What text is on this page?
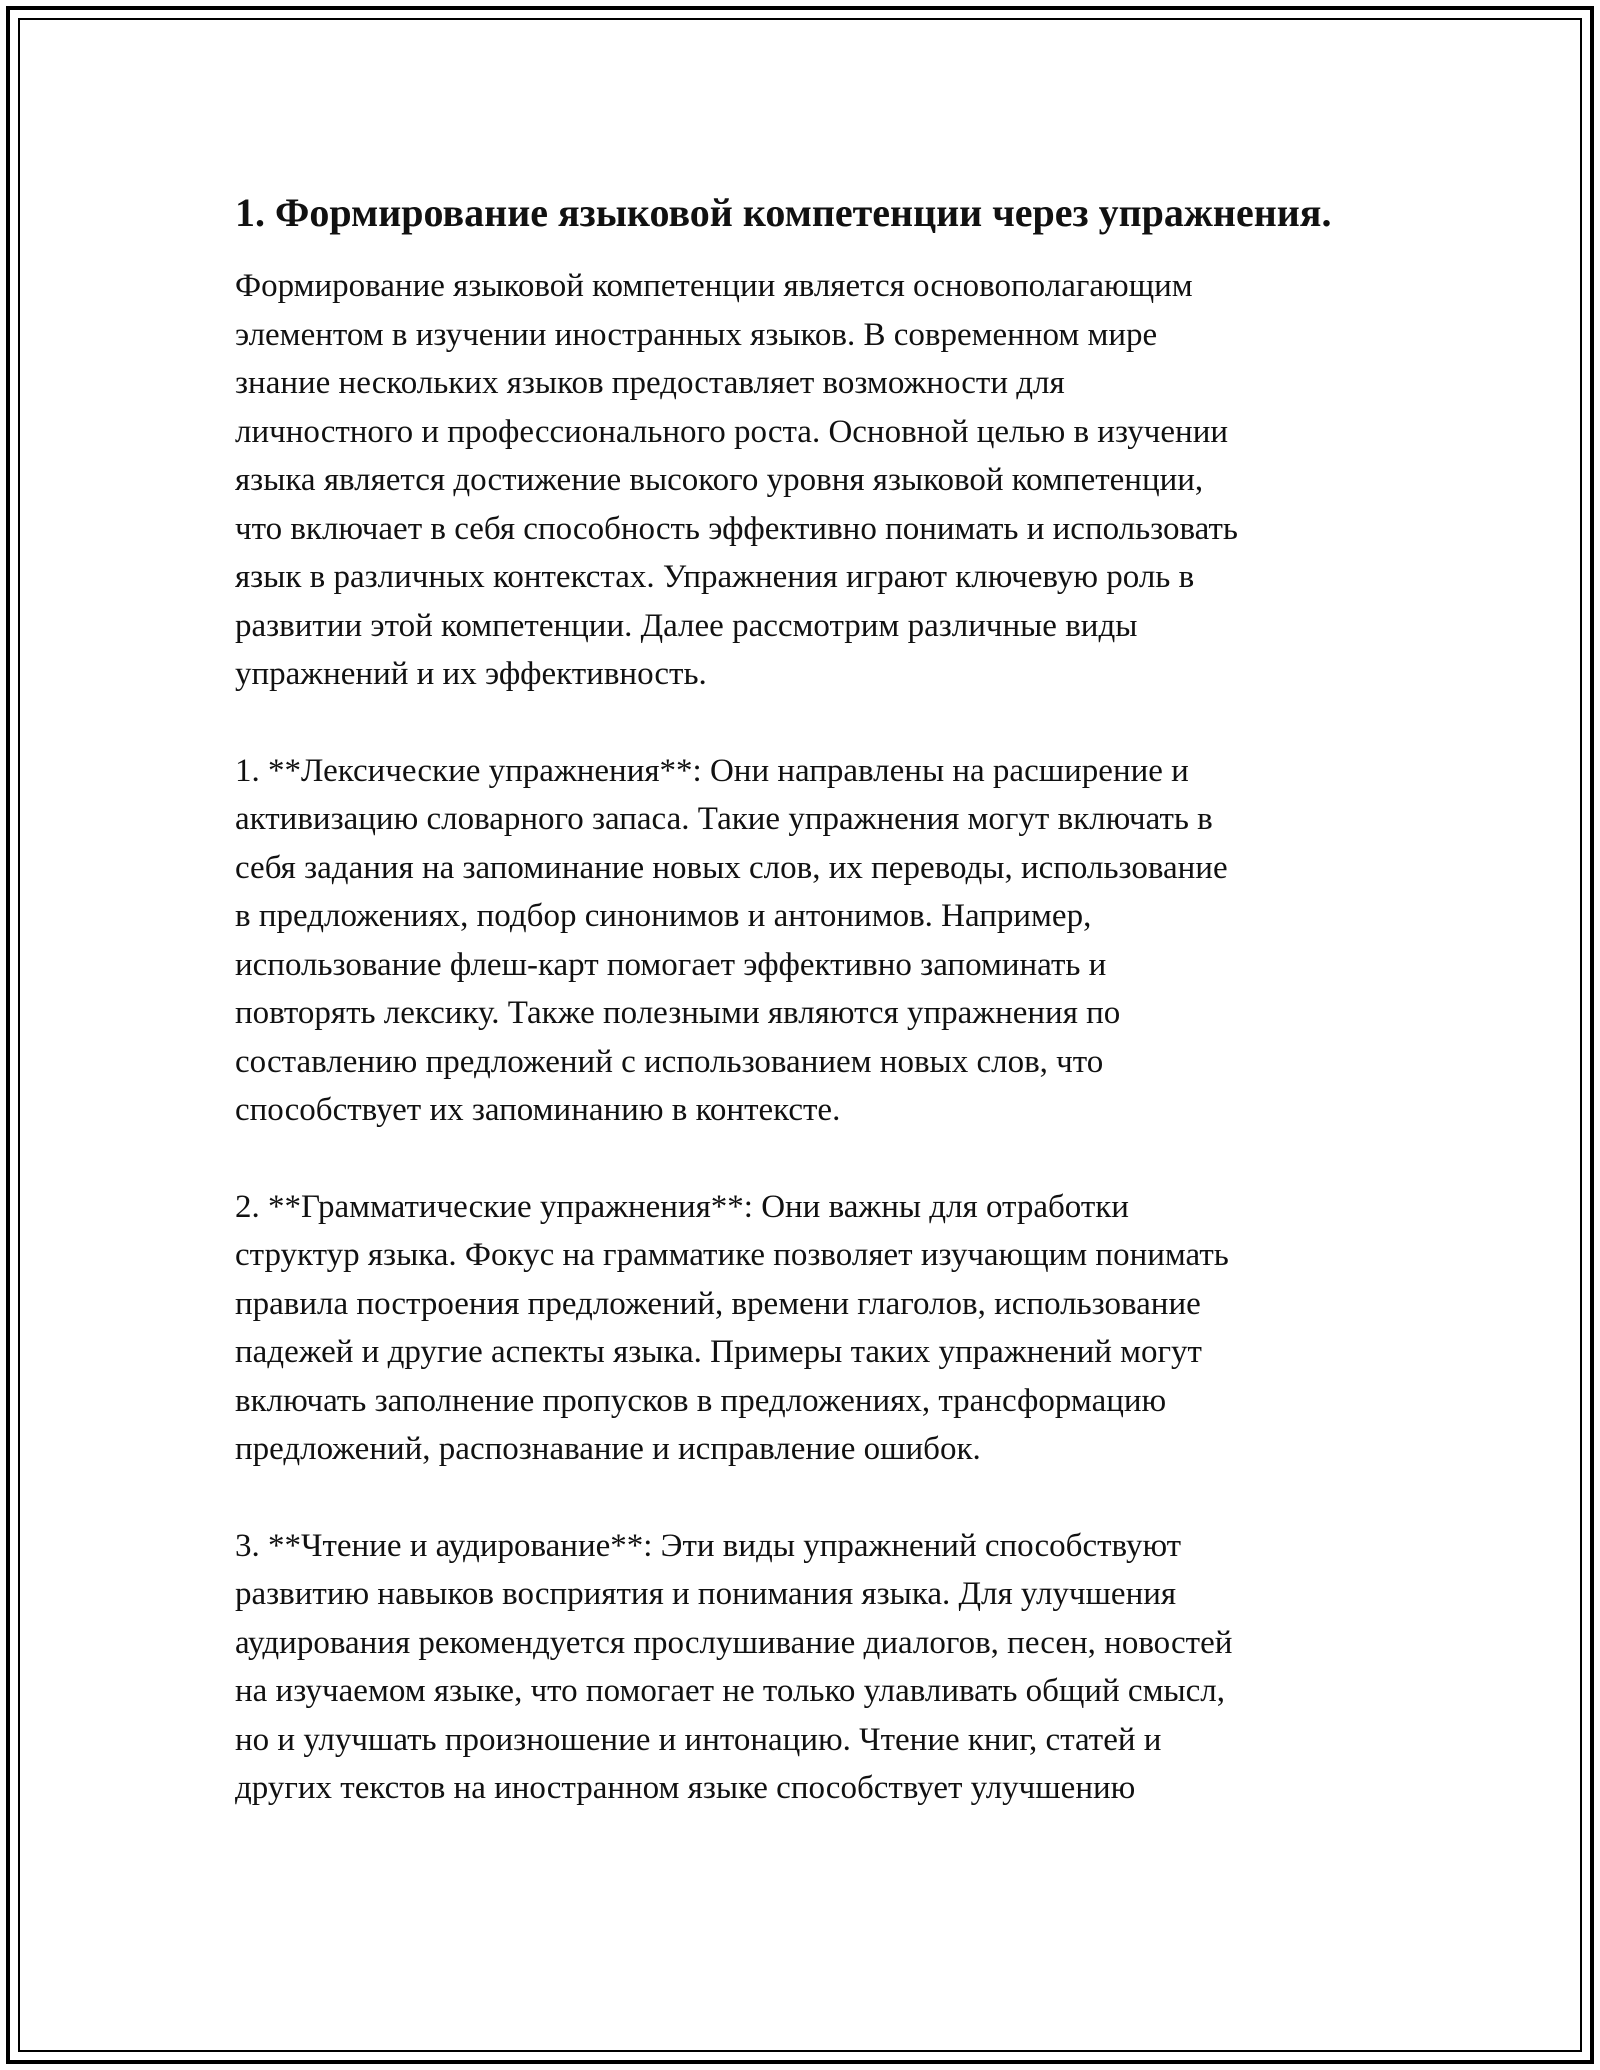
1. Формирование языковой компетенции через упражнения.

Формирование языковой компетенции является основополагающим
элементом в изучении иностранных языков. В современном мире
знание нескольких языков предоставляет возможности для
личностного и профессионального роста. Основной целью в изучении
языка является достижение высокого уровня языковой компетенции,
что включает в себя способность эффективно понимать и использовать
язык в различных контекстах. Упражнения играют ключевую роль в
развитии этой компетенции. Далее рассмотрим различные виды
упражнений и их эффективность.

1. **Лексические упражнения**: Они направлены на расширение и
активизацию словарного запаса. Такие упражнения могут включать в
себя задания на запоминание новых слов, их переводы, использование
в предложениях, подбор синонимов и антонимов. Например,
использование флеш-карт помогает эффективно запоминать и
повторять лексику. Также полезными являются упражнения по
составлению предложений с использованием новых слов, что
способствует их запоминанию в контексте.

2. **Грамматические упражнения**: Они важны для отработки
структур языка. Фокус на грамматике позволяет изучающим понимать
правила построения предложений, времени глаголов, использование
падежей и другие аспекты языка. Примеры таких упражнений могут
включать заполнение пропусков в предложениях, трансформацию
предложений, распознавание и исправление ошибок.

3. **Чтение и аудирование**: Эти виды упражнений способствуют
развитию навыков восприятия и понимания языка. Для улучшения
аудирования рекомендуется прослушивание диалогов, песен, новостей
на изучаемом языке, что помогает не только улавливать общий смысл,
но и улучшать произношение и интонацию. Чтение книг, статей и
других текстов на иностранном языке способствует улучшению
